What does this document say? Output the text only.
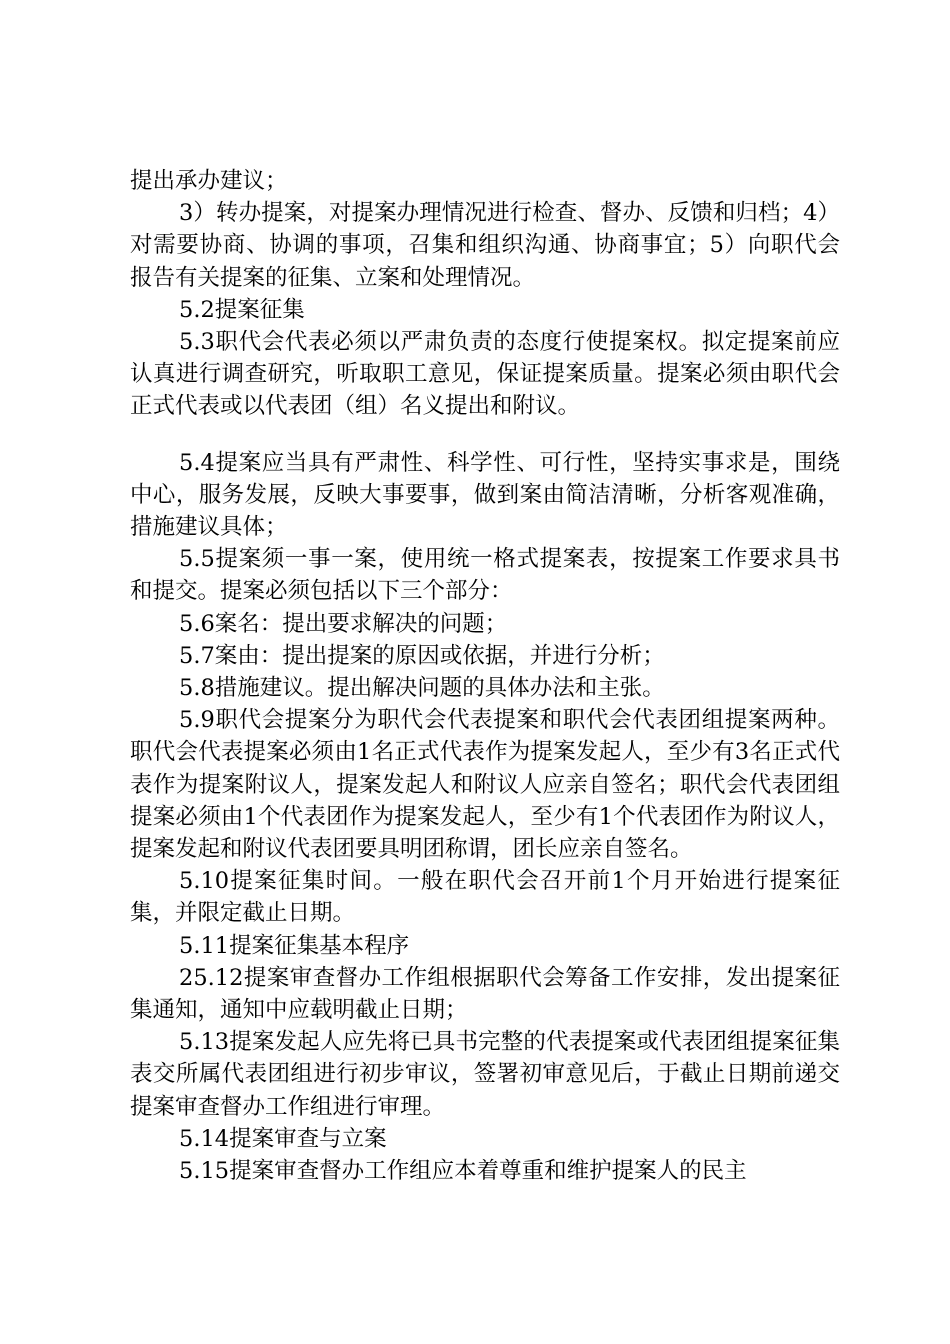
提出承办建议；

3）转办提案，对提案办理情况进行检查、督办、反馈和归档；4）对需要协商、协调的事项，召集和组织沟通、协商事宜；5）向职代会报告有关提案的征集、立案和处理情况。

5.2提案征集

5.3职代会代表必须以严肃负责的态度行使提案权。拟定提案前应认真进行调查研究，听取职工意见，保证提案质量。提案必须由职代会正式代表或以代表团（组）名义提出和附议。

5.4提案应当具有严肃性、科学性、可行性，坚持实事求是，围绕中心，服务发展，反映大事要事，做到案由简洁清晰，分析客观准确，措施建议具体；

5.5提案须一事一案，使用统一格式提案表，按提案工作要求具书和提交。提案必须包括以下三个部分：

5.6案名：提出要求解决的问题；

5.7案由：提出提案的原因或依据，并进行分析；

5.8措施建议。提出解决问题的具体办法和主张。

5.9职代会提案分为职代会代表提案和职代会代表团组提案两种。职代会代表提案必须由1名正式代表作为提案发起人，至少有3名正式代表作为提案附议人，提案发起人和附议人应亲自签名；职代会代表团组提案必须由1个代表团作为提案发起人，至少有1个代表团作为附议人，提案发起和附议代表团要具明团称谓，团长应亲自签名。

5.10提案征集时间。一般在职代会召开前1个月开始进行提案征集，并限定截止日期。

5.11提案征集基本程序

25.12提案审查督办工作组根据职代会筹备工作安排，发出提案征集通知，通知中应载明截止日期；

5.13提案发起人应先将已具书完整的代表提案或代表团组提案征集表交所属代表团组进行初步审议，签署初审意见后，于截止日期前递交提案审查督办工作组进行审理。

5.14提案审查与立案

5.15提案审查督办工作组应本着尊重和维护提案人的民主
